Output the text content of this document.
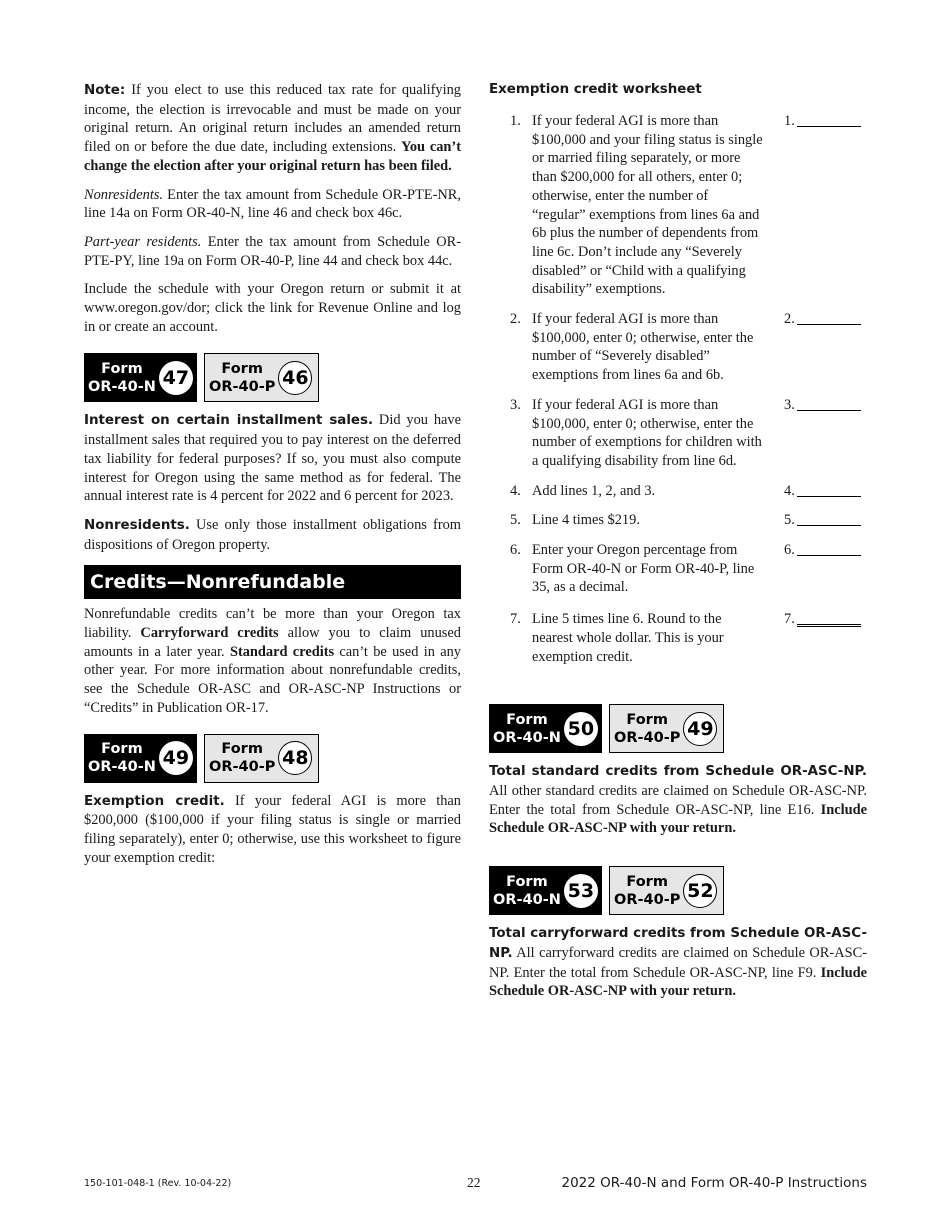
Note: If you elect to use this reduced tax rate for qualifying income, the election is irrevocable and must be made on your original return. An original return includes an amended return filed on or before the due date, including extensions. You can’t change the election after your original return has been filed.

Nonresidents. Enter the tax amount from Schedule OR-PTE-NR, line 14a on Form OR-40-N, line 46 and check box 46c.

Part-year residents. Enter the tax amount from Schedule OR-PTE-PY, line 19a on Form OR-40-P, line 44 and check box 44c.

Include the schedule with your Oregon return or submit it at www.oregon.gov/dor; click the link for Revenue Online and log in or create an account.

Form
OR-40-N 47 Form
OR-40-P 46

Interest on certain installment sales. Did you have installment sales that required you to pay interest on the deferred tax liability for federal purposes? If so, you must also compute interest for Oregon using the same method as for federal. The annual interest rate is 4 percent for 2022 and 6 percent for 2023.

Nonresidents. Use only those installment obligations from dispositions of Oregon property.

Credits—Nonrefundable

Nonrefundable credits can’t be more than your Oregon tax liability. Carryforward credits allow you to claim unused amounts in a later year. Standard credits can’t be used in any other year. For more information about nonrefundable credits, see the Schedule OR-ASC and OR-ASC-NP Instructions or “Credits” in Publication OR-17.

Form
OR-40-N 49 Form
OR-40-P 48

Exemption credit. If your federal AGI is more than $200,000 ($100,000 if your filing status is single or married filing separately), enter 0; otherwise, use this worksheet to figure your exemption credit:

Exemption credit worksheet
1. If your federal AGI is more than $100,000 and your filing status is single or married filing separately, or more than $200,000 for all others, enter 0; otherwise, enter the number of “regular” exemptions from lines 6a and 6b plus the number of dependents from line 6c. Don’t include any “Severely disabled” or “Child with a qualifying disability” exemptions.
1.
2. If your federal AGI is more than $100,000, enter 0; otherwise, enter the number of “Severely disabled” exemptions from lines 6a and 6b.
2.
3. If your federal AGI is more than $100,000, enter 0; otherwise, enter the number of exemptions for children with a qualifying disability from line 6d.
3.
4. Add lines 1, 2, and 3.	4.
5. Line 4 times $219.	5.
6. Enter your Oregon percentage from Form OR-40-N or Form OR-40-P, line 35, as a decimal.
6.
7. Line 5 times line 6. Round to the nearest whole dollar. This is your exemption credit.
7.
Form
OR-40-N 50 Form
OR-40-P 49

Total standard credits from Schedule OR-ASC-NP. All other standard credits are claimed on Schedule OR-ASC-NP. Enter the total from Schedule OR-ASC-NP, line E16. Include Schedule OR-ASC-NP with your return.

Form
OR-40-N 53 Form
OR-40-P 52

Total carryforward credits from Schedule OR-ASC-NP. All carryforward credits are claimed on Schedule OR-ASC-NP. Enter the total from Schedule OR-ASC-NP, line F9. Include Schedule OR-ASC-NP with your return.

150-101-048-1 (Rev. 10-04-22)	22	2022 OR-40-N and Form OR-40-P Instructions
